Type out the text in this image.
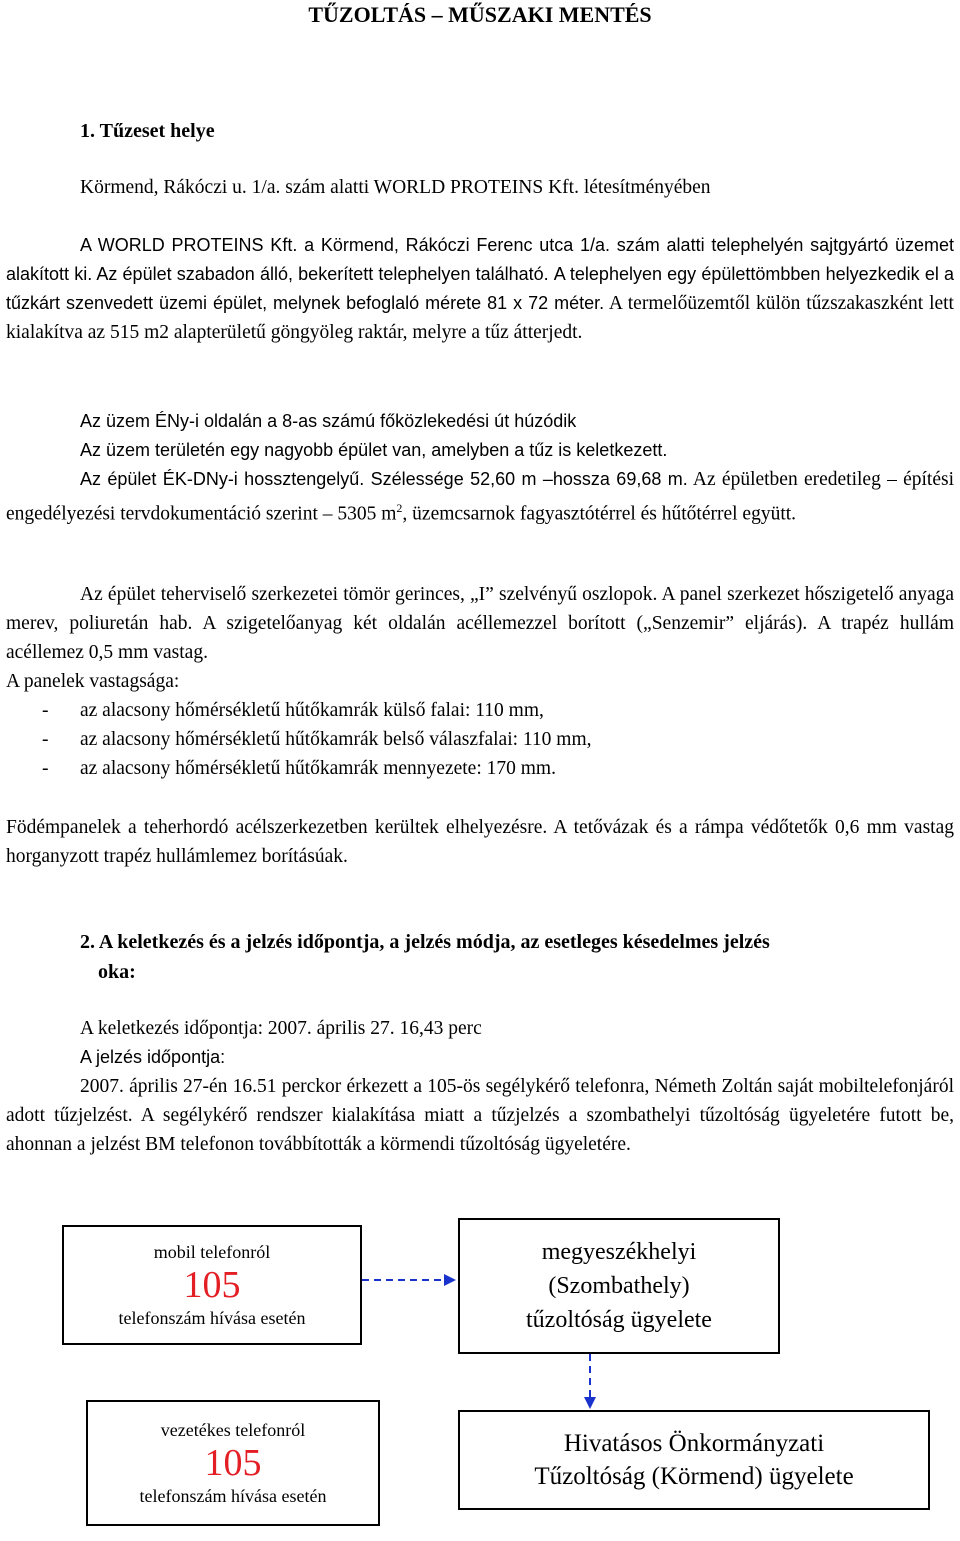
TŰZOLTÁS – MŰSZAKI MENTÉS
1. Tűzeset helye
Körmend, Rákóczi u. 1/a. szám alatti WORLD PROTEINS Kft. létesítményében
A WORLD PROTEINS Kft. a Körmend, Rákóczi Ferenc utca 1/a. szám alatti telephelyén sajtgyártó üzemet alakított ki. Az épület szabadon álló, bekerített telephelyen található. A telephelyen egy épülettömbben helyezkedik el a tűzkárt szenvedett üzemi épület, melynek befoglaló mérete 81 x 72 méter. A termelőüzemtől külön tűzszakaszként lett kialakítva az 515 m2 alapterületű göngyöleg raktár, melyre a tűz átterjedt.
Az üzem ÉNy-i oldalán a 8-as számú főközlekedési út húzódik
Az üzem területén egy nagyobb épület van, amelyben a tűz is keletkezett.
Az épület ÉK-DNy-i hossztengelyű. Szélessége 52,60 m –hossza 69,68 m. Az épületben eredetileg – építési engedélyezési tervdokumentáció szerint – 5305 $m^2$, üzemcsarnok fagyasztótérrel és hűtőtérrel együtt.
Az épület teherviselő szerkezetei tömör gerinces, „I” szelvényű oszlopok. A panel szerkezet hőszigetelő anyaga merev, poliuretán hab. A szigetelőanyag két oldalán acéllemezzel borított („Senzemir” eljárás). A trapéz hullám acéllemez 0,5 mm vastag.
A panelek vastagsága:
-	az alacsony hőmérsékletű hűtőkamrák külső falai: 110 mm,
-	az alacsony hőmérsékletű hűtőkamrák belső válaszfalai: 110 mm,
-	az alacsony hőmérsékletű hűtőkamrák mennyezete: 170 mm.
Födémpanelek a teherhordó acélszerkezetben kerültek elhelyezésre. A tetővázak és a rámpa védőtetők 0,6 mm vastag horganyzott trapéz hullámlemez borításúak.
2. A keletkezés és a jelzés időpontja, a jelzés módja, az esetleges késedelmes jelzés
oka:
A keletkezés időpontja: 2007. április 27. 16,43 perc
A jelzés időpontja:
2007. április 27-én 16.51 perckor érkezett a 105-ös segélykérő telefonra, Németh Zoltán saját mobiltelefonjáról adott tűzjelzést. A segélykérő rendszer kialakítása miatt a tűzjelzés a szombathelyi tűzoltóság ügyeletére futott be, ahonnan a jelzést BM telefonon továbbították a körmendi tűzoltóság ügyeletére.
mobil telefonról
105
telefonszám hívása esetén
vezetékes telefonról
105
telefonszám hívása esetén
megyeszékhelyi
(Szombathely)
tűzoltóság ügyelete
Hivatásos Önkormányzati
Tűzoltóság (Körmend) ügyelete
